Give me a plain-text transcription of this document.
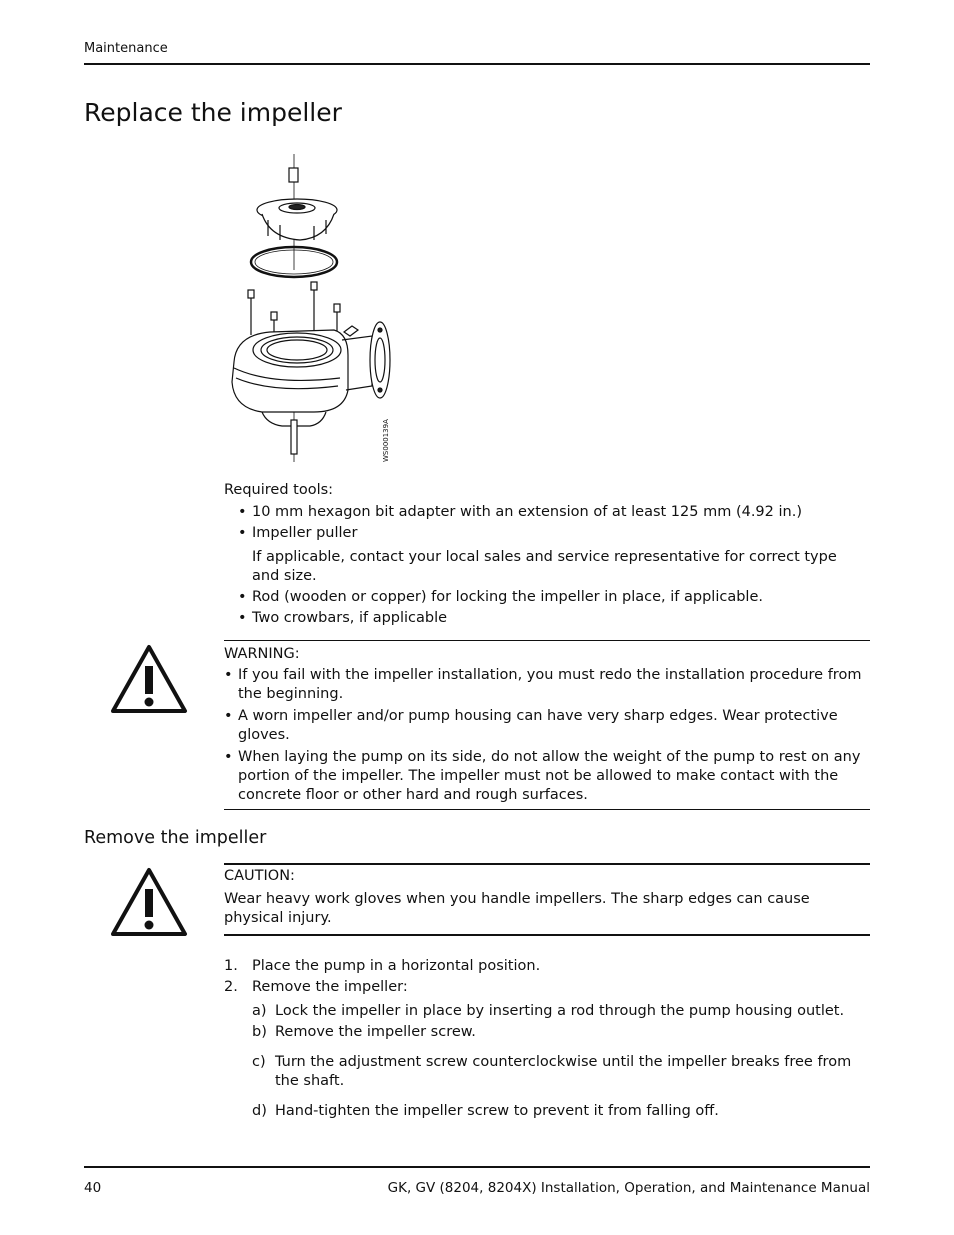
Maintenance
Replace the impeller
WS000139A
Required tools:
• 10 mm hexagon bit adapter with an extension of at least 125 mm (4.92 in.)
• Impeller puller
If applicable, contact your local sales and service representative for correct type and size.
• Rod (wooden or copper) for locking the impeller in place, if applicable.
• Two crowbars, if applicable
WARNING:
• If you fail with the impeller installation, you must redo the installation procedure from the beginning.
• A worn impeller and/or pump housing can have very sharp edges. Wear protective gloves.
• When laying the pump on its side, do not allow the weight of the pump to rest on any portion of the impeller. The impeller must not be allowed to make contact with the concrete floor or other hard and rough surfaces.
Remove the impeller
CAUTION:
Wear heavy work gloves when you handle impellers. The sharp edges can cause physical injury.
1. Place the pump in a horizontal position.
2. Remove the impeller:
a) Lock the impeller in place by inserting a rod through the pump housing outlet.
b) Remove the impeller screw.
c) Turn the adjustment screw counterclockwise until the impeller breaks free from the shaft.
d) Hand-tighten the impeller screw to prevent it from falling off.
40	GK, GV (8204, 8204X) Installation, Operation, and Maintenance Manual
